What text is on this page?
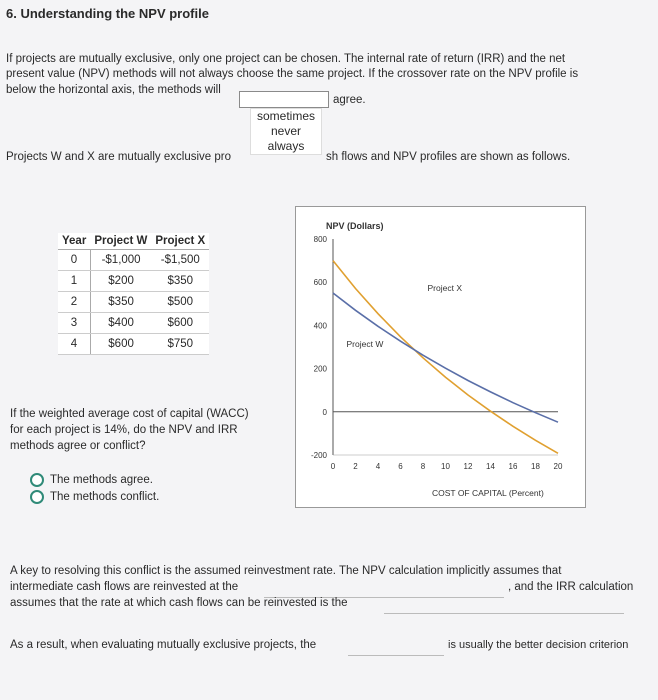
6. Understanding the NPV profile
If projects are mutually exclusive, only one project can be chosen. The internal rate of return (IRR) and the net
present value (NPV) methods will not always choose the same project. If the crossover rate on the NPV profile is
below the horizontal axis, the methods will
agree.
Projects W and X are mutually exclusive pro	sh flows and NPV profiles are shown as follows.
sometimes
never
always
Year	Project W	Project X
0	-$1,000	-$1,500
1	$200	$350
2	$350	$500
3	$400	$600
4	$600	$750
If the weighted average cost of capital (WACC)
for each project is 14%, do the NPV and IRR
methods agree or conflict?
The methods agree.
The methods conflict.
NPV (Dollars)
COST OF CAPITAL (Percent)
800
600
400
200
0
-200
0 2 4 6 8 10 12 14 16 18 20
Project X
Project W
A key to resolving this conflict is the assumed reinvestment rate. The NPV calculation implicitly assumes that
intermediate cash flows are reinvested at the	, and the IRR calculation
assumes that the rate at which cash flows can be reinvested is the
As a result, when evaluating mutually exclusive projects, the	is usually the better decision criterion
